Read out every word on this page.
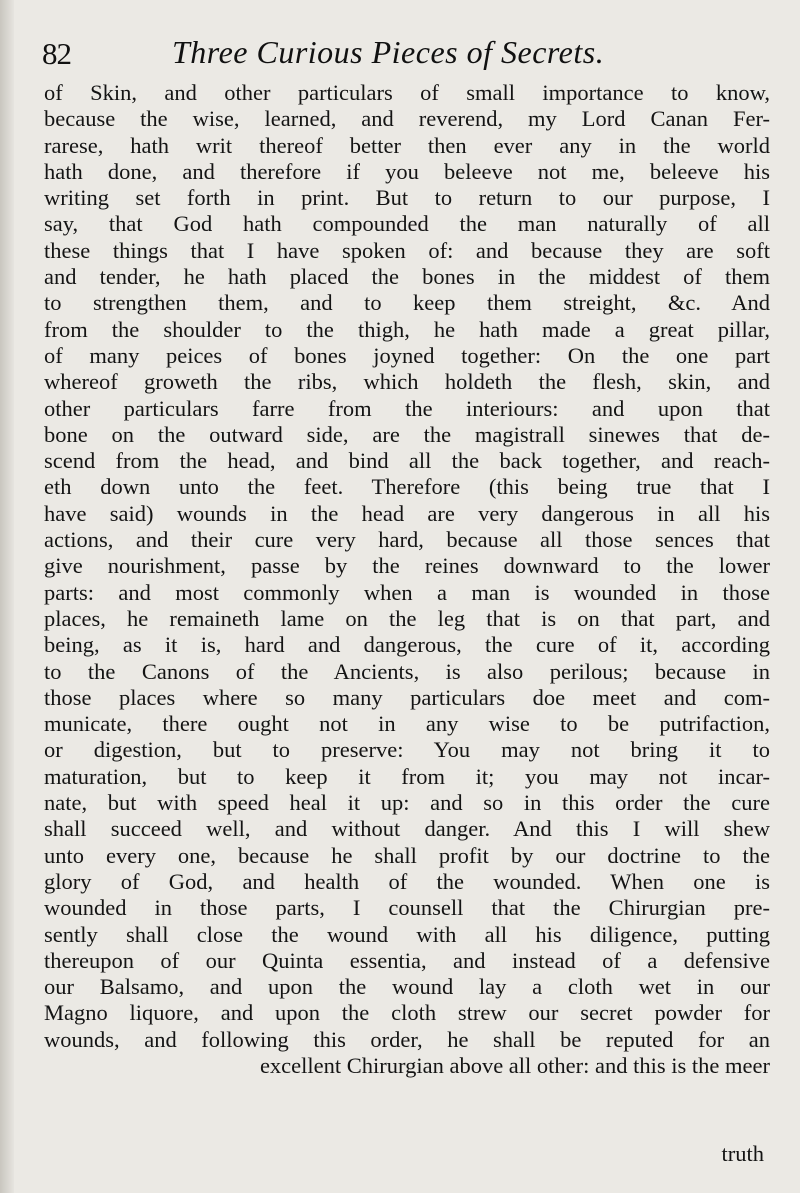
82	Three Curious Pieces of Secrets.
of Skin, and other particulars of small importance to know,
because the wise, learned, and reverend, my Lord Canan Fer-
rarese, hath writ thereof better then ever any in the world
hath done, and therefore if you beleeve not me, beleeve his
writing set forth in print. But to return to our purpose, I
say, that God hath compounded the man naturally of all
these things that I have spoken of: and because they are soft
and tender, he hath placed the bones in the middest of them
to strengthen them, and to keep them streight, &c. And
from the shoulder to the thigh, he hath made a great pillar,
of many peices of bones joyned together: On the one part
whereof groweth the ribs, which holdeth the flesh, skin, and
other particulars farre from the interiours: and upon that
bone on the outward side, are the magistrall sinewes that de-
scend from the head, and bind all the back together, and reach-
eth down unto the feet. Therefore (this being true that I
have said) wounds in the head are very dangerous in all his
actions, and their cure very hard, because all those sences that
give nourishment, passe by the reines downward to the lower
parts: and most commonly when a man is wounded in those
places, he remaineth lame on the leg that is on that part, and
being, as it is, hard and dangerous, the cure of it, according
to the Canons of the Ancients, is also perilous; because in
those places where so many particulars doe meet and com-
municate, there ought not in any wise to be putrifaction,
or digestion, but to preserve: You may not bring it to
maturation, but to keep it from it; you may not incar-
nate, but with speed heal it up: and so in this order the cure
shall succeed well, and without danger. And this I will shew
unto every one, because he shall profit by our doctrine to the
glory of God, and health of the wounded. When one is
wounded in those parts, I counsell that the Chirurgian pre-
sently shall close the wound with all his diligence, putting
thereupon of our Quinta essentia, and instead of a defensive
our Balsamo, and upon the wound lay a cloth wet in our
Magno liquore, and upon the cloth strew our secret powder for
wounds, and following this order, he shall be reputed for an
excellent Chirurgian above all other: and this is the meer
truth
